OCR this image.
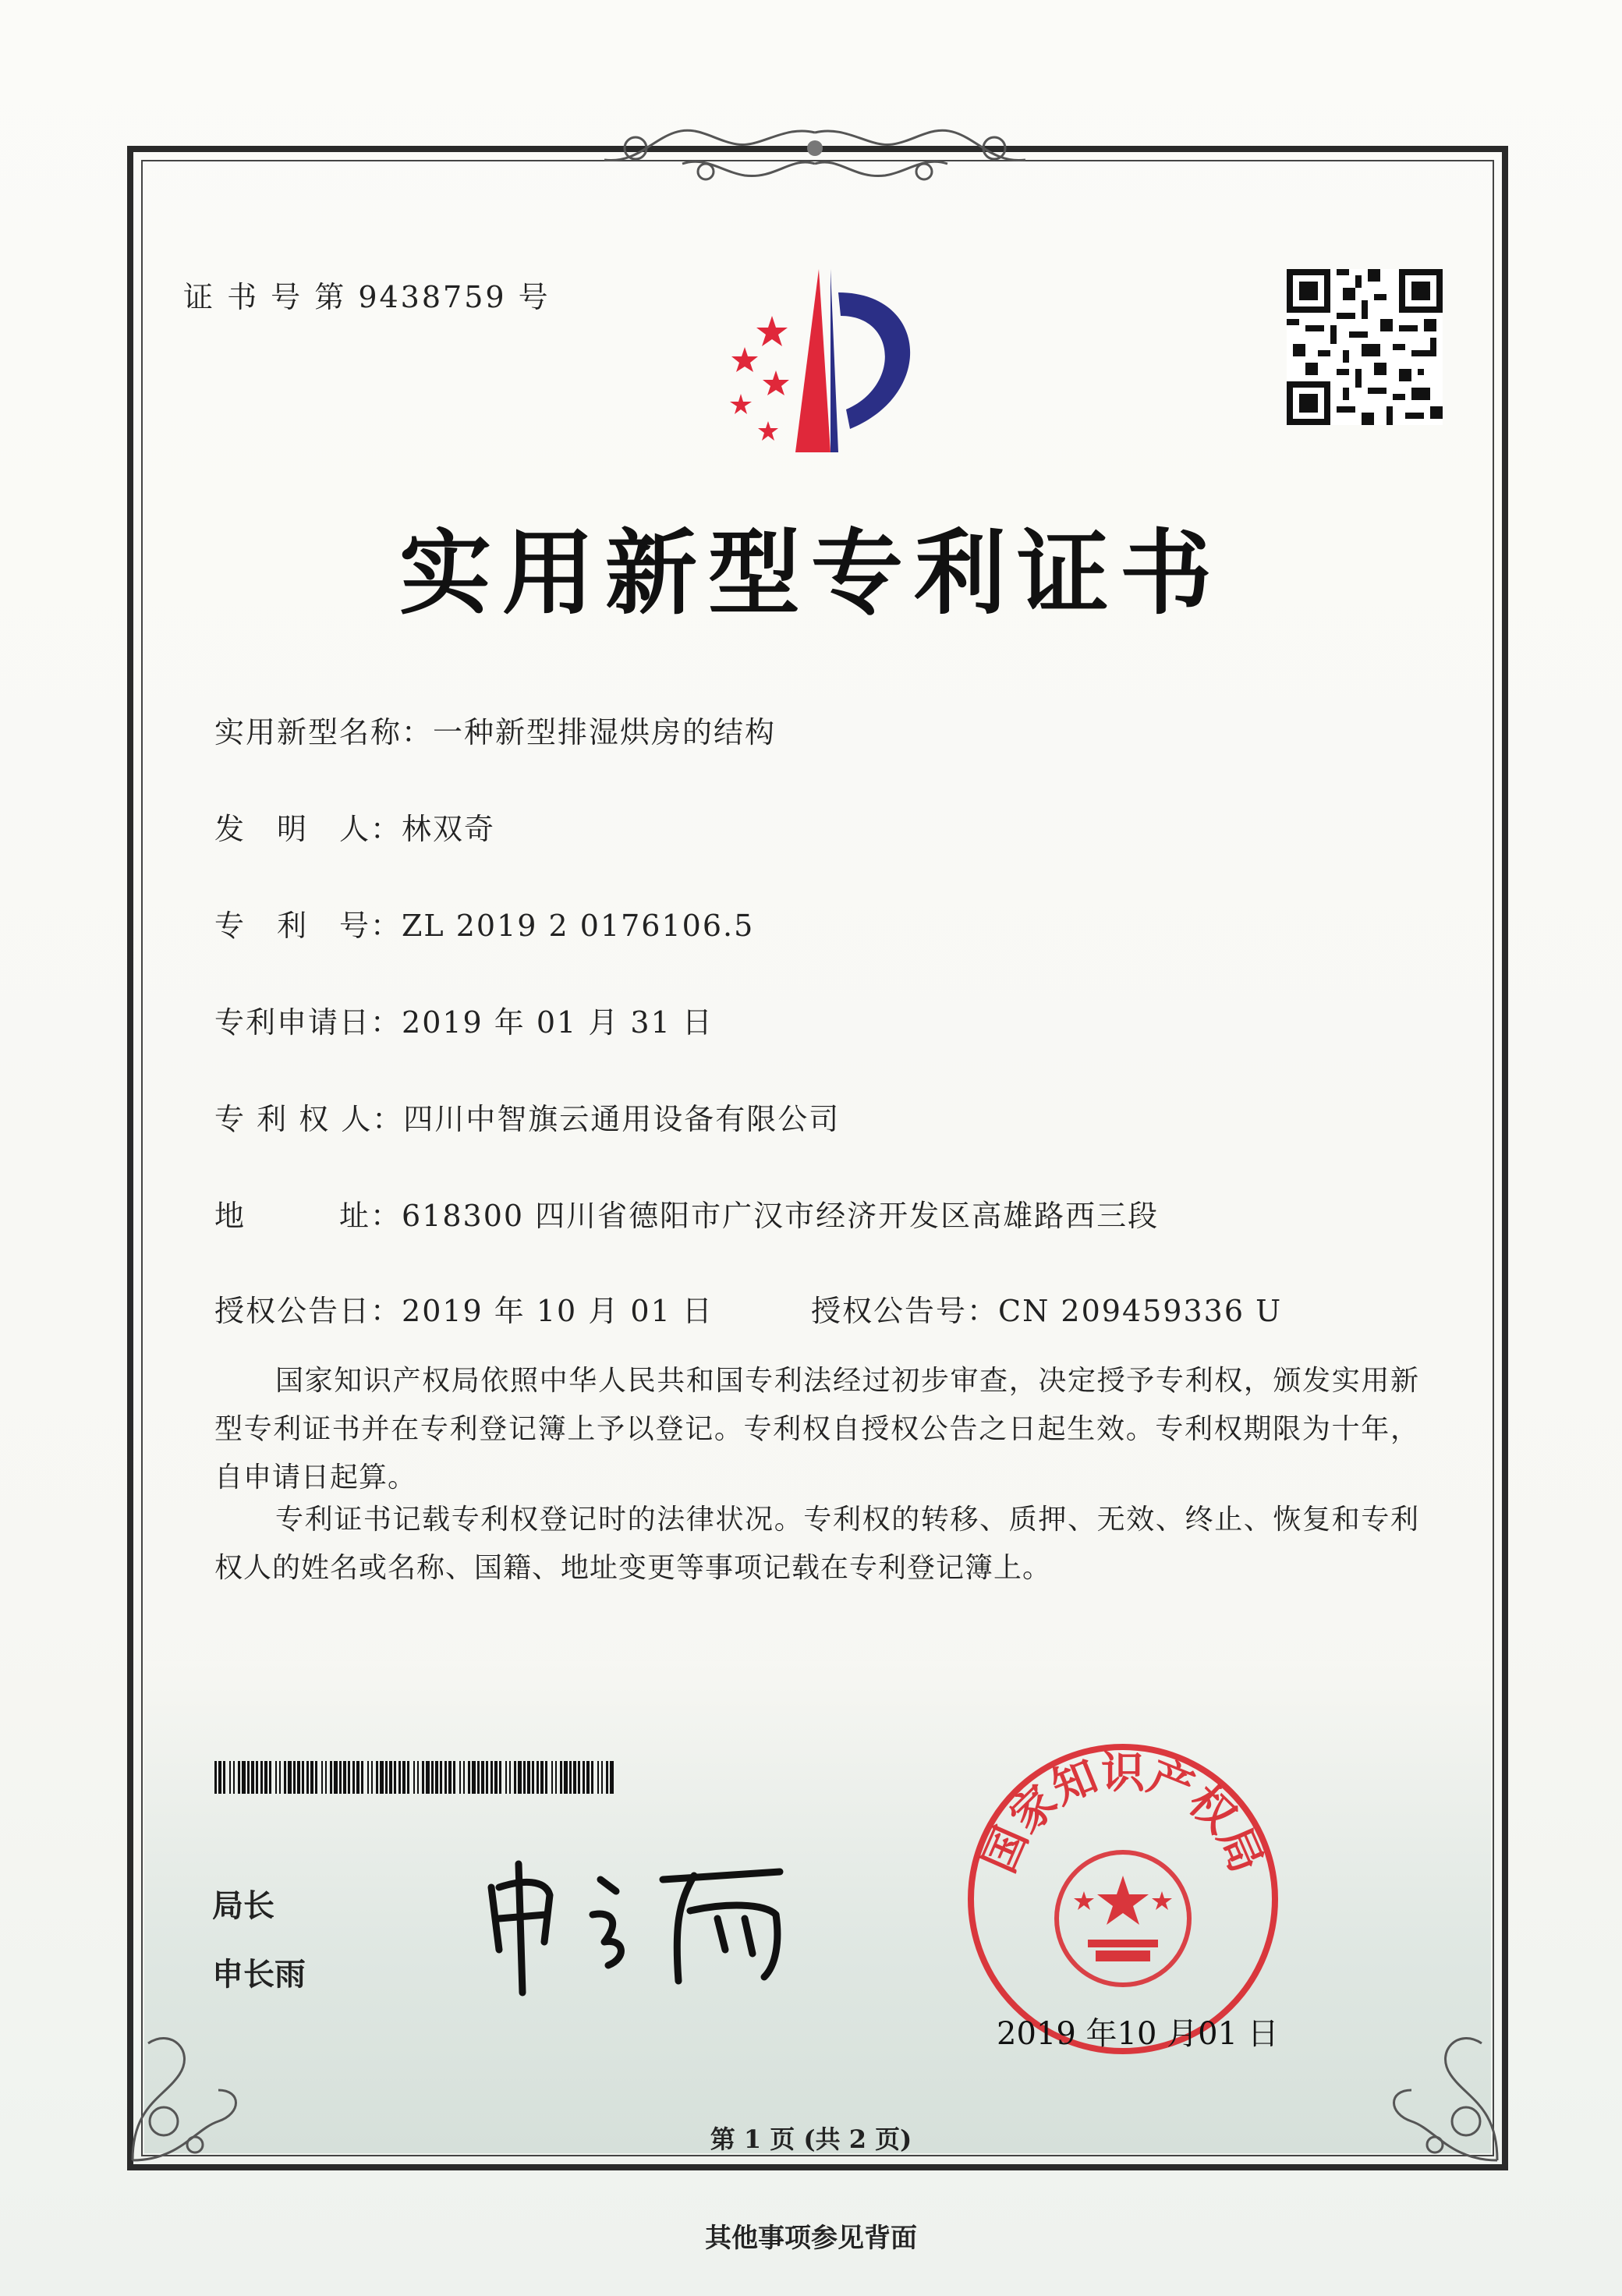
证 书 号 第 9438759 号
实用新型专利证书
实用新型名称：一种新型排湿烘房的结构
发　明　人：林双奇
专　利　号：ZL 2019 2 0176106.5
专利申请日：2019 年 01 月 31 日
专 利 权 人：四川中智旗云通用设备有限公司
地　　　址：618300 四川省德阳市广汉市经济开发区高雄路西三段
授权公告日：2019 年 10 月 01 日	授权公告号：CN 209459336 U
国家知识产权局依照中华人民共和国专利法经过初步审查，决定授予专利权，颁发实用新型专利证书并在专利登记簿上予以登记。专利权自授权公告之日起生效。专利权期限为十年，自申请日起算。
专利证书记载专利权登记时的法律状况。专利权的转移、质押、无效、终止、恢复和专利权人的姓名或名称、国籍、地址变更等事项记载在专利登记簿上。
局长
申长雨
国家知识产权局
2019 年10 月01 日
第 1 页 (共 2 页)
其他事项参见背面
